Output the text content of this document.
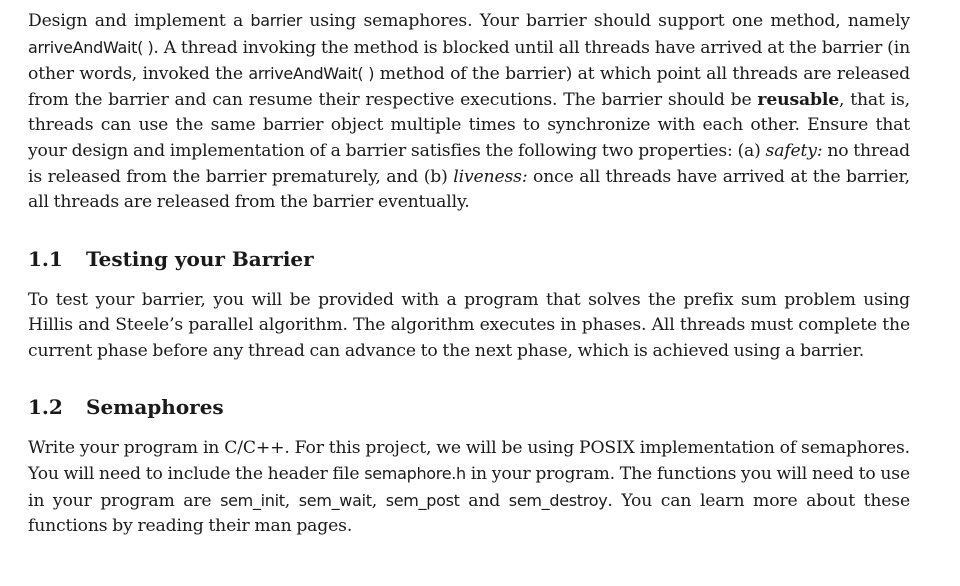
Design and implement a barrier using semaphores. Your barrier should support one method, namely arriveAndWait( ). A thread invoking the method is blocked until all threads have arrived at the barrier (in other words, invoked the arriveAndWait( ) method of the barrier) at which point all threads are released from the barrier and can resume their respective executions. The barrier should be reusable, that is, threads can use the same barrier object multiple times to synchronize with each other. Ensure that your design and implementation of a barrier satisfies the following two properties: (a) safety: no thread is released from the barrier prematurely, and (b) liveness: once all threads have arrived at the barrier, all threads are released from the barrier eventually.

1.1 Testing your Barrier

To test your barrier, you will be provided with a program that solves the prefix sum problem using Hillis and Steele’s parallel algorithm. The algorithm executes in phases. All threads must complete the current phase before any thread can advance to the next phase, which is achieved using a barrier.

1.2 Semaphores

Write your program in C/C++. For this project, we will be using POSIX implementation of semaphores. You will need to include the header file semaphore.h in your program. The functions you will need to use in your program are sem_init, sem_wait, sem_post and sem_destroy. You can learn more about these functions by reading their man pages.
